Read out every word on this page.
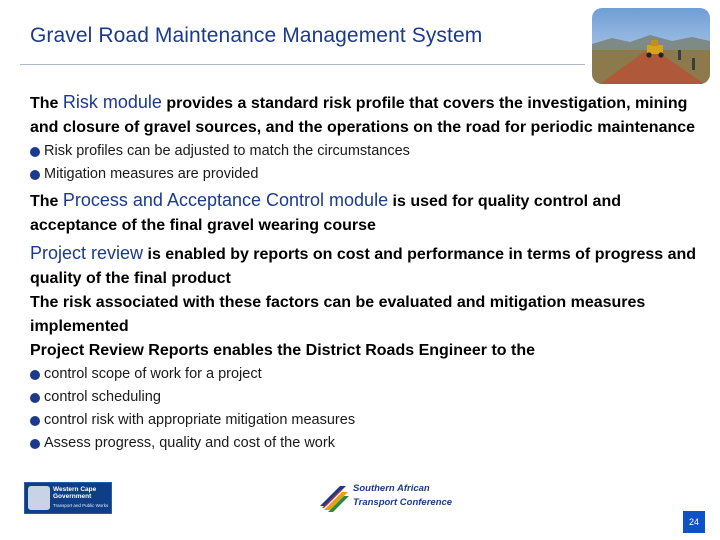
Gravel Road Maintenance Management System
The Risk module provides a standard risk profile that covers the investigation, mining and closure of gravel sources, and the operations on the road for periodic maintenance
Risk profiles can be adjusted to match the circumstances
Mitigation measures are provided
The Process and Acceptance Control module is used for quality control and acceptance of the final gravel wearing course
Project review is enabled by reports on cost and performance in terms of progress and quality of the final product
The risk associated with these factors can be evaluated and mitigation measures implemented
Project Review Reports enables the District Roads Engineer to the
control scope of work for a project
control scheduling
control risk with appropriate mitigation measures
Assess progress, quality and cost of the work
Western Cape
Government
Transport and Public Works
Southern African
Transport Conference
24
